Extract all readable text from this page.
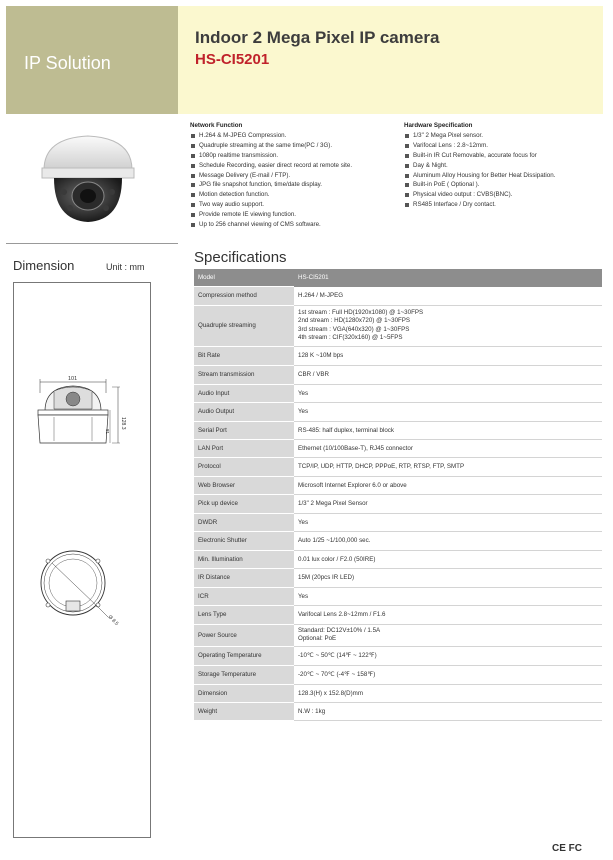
IP Solution
Indoor 2 Mega Pixel IP camera
HS-CI5201
Network Function
H.264 & M-JPEG Compression.
Quadruple streaming at the same time(PC / 3G).
1080p realtime transmission.
Schedule Recording, easier direct record at remote site.
Message Delivery (E-mail / FTP).
JPG file snapshot function, time/date display.
Motion detection function.
Two way audio support.
Provide remote IE viewing function.
Up to 256 channel viewing of CMS software.
Hardware Specification
1/3" 2 Mega Pixel sensor.
Varifocal Lens : 2.8~12mm.
Built-in IR Cut Removable, accurate focus for
Day & Night.
Aluminum Alloy Housing for Better Heat Dissipation.
Built-in PoE ( Optional ).
Physical video output : CVBS(BNC).
RS485 Interface / Dry contact.
Dimension	Unit : mm
101
128.3
81
Ø 8.5
Specifications
Model	HS-CI5201
Compression method	H.264 / M-JPEG
Quadruple streaming	1st stream : Full HD(1920x1080) @ 1~30FPS
2nd stream : HD(1280x720) @ 1~30FPS
3rd stream : VGA(640x320) @ 1~30FPS
4th stream : CIF(320x160) @ 1~5FPS

Bit Rate	128 K ~10M bps
Stream transmission	CBR / VBR
Audio Input	Yes
Audio Output	Yes
Serial Port	RS-485: half duplex, terminal block
LAN Port	Ethernet (10/100Base-T), RJ45 connector
Protocol	TCP/IP, UDP, HTTP, DHCP, PPPoE, RTP, RTSP, FTP, SMTP
Web Browser	Microsoft Internet Explorer 6.0 or above
Pick up device	1/3" 2 Mega Pixel Sensor
DWDR	Yes
Electronic Shutter	Auto 1/25 ~1/100,000 sec.
Min. Illumination	0.01 lux color / F2.0 (50IRE)
IR Distance	15M (20pcs IR LED)
ICR	Yes
Lens Type	Varifocal Lens 2.8~12mm / F1.6
Power Source	Standard: DC12V±10% / 1.5A
Optional: PoE

Operating Temperature	-10℃ ~ 50℃ (14℉ ~ 122℉)
Storage Temperature	-20℃ ~ 70℃ (-4℉ ~ 158℉)
Dimension	128.3(H) x 152.8(D)mm
Weight	N.W : 1kg
CE FC
